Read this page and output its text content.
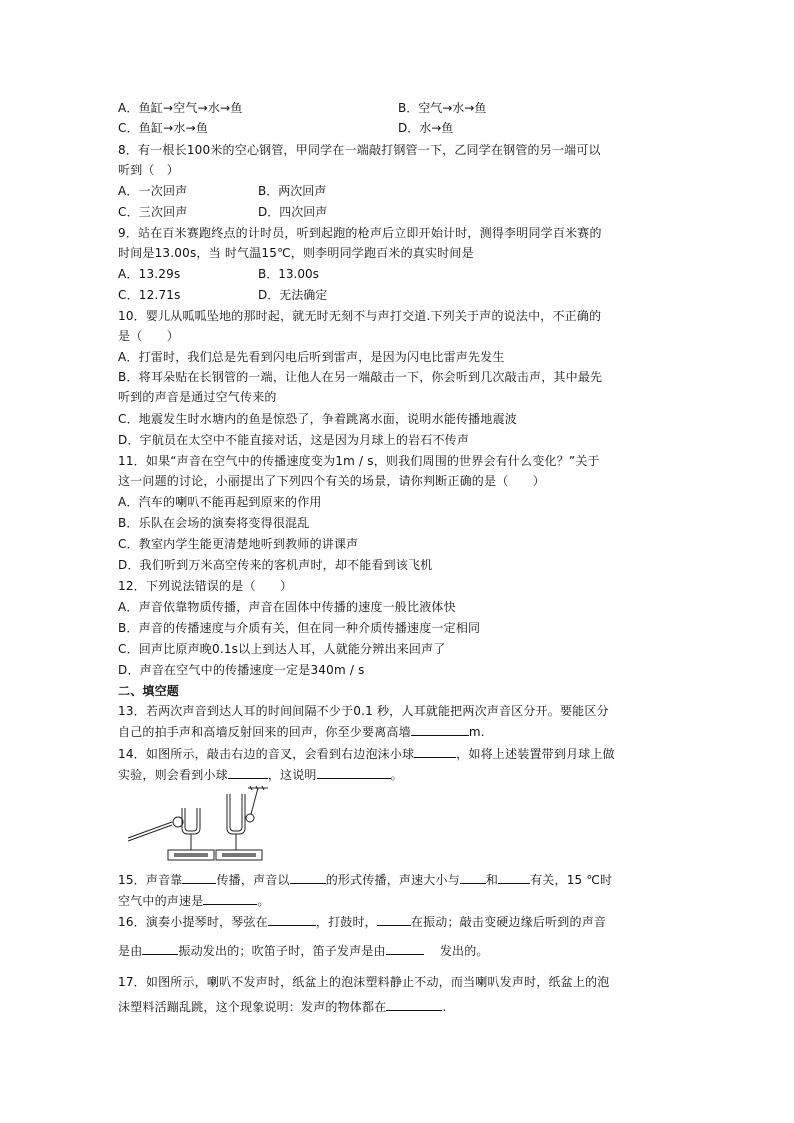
A．鱼缸→空气→水→鱼	B．空气→水→鱼
C．鱼缸→水→鱼	D．水→鱼
8．有一根长100米的空心钢管，甲同学在一端敲打钢管一下，乙同学在钢管的另一端可以
听到（　）
A．一次回声	B．两次回声
C．三次回声	D．四次回声
9．站在百米赛跑终点的计时员，听到起跑的枪声后立即开始计时，测得李明同学百米赛的
时间是13.00s，当 时气温15℃，则李明同学跑百米的真实时间是
A．13.29s	B．13.00s
C．12.71s	D．无法确定
10．婴儿从呱呱坠地的那时起，就无时无刻不与声打交道.下列关于声的说法中，不正确的
是（　　）
A．打雷时，我们总是先看到闪电后听到雷声，是因为闪电比雷声先发生
B．将耳朵贴在长钢管的一端，让他人在另一端敲击一下，你会听到几次敲击声，其中最先
听到的声音是通过空气传来的
C．地震发生时水塘内的鱼是惊恐了，争着跳离水面，说明水能传播地震波
D．宇航员在太空中不能直接对话，这是因为月球上的岩石不传声
11．如果“声音在空气中的传播速度变为1m / s，则我们周围的世界会有什么变化？”关于
这一问题的讨论，小丽提出了下列四个有关的场景，请你判断正确的是（　　）
A．汽车的喇叭不能再起到原来的作用
B．乐队在会场的演奏将变得很混乱
C．教室内学生能更清楚地听到教师的讲课声
D．我们听到万米高空传来的客机声时，却不能看到该飞机
12．下列说法错误的是（　　）
A．声音依靠物质传播，声音在固体中传播的速度一般比液体快
B．声音的传播速度与介质有关，但在同一种介质传播速度一定相同
C．回声比原声晚0.1s以上到达人耳，人就能分辨出来回声了
D．声音在空气中的传播速度一定是340m / s
二、填空题
13．若两次声音到达人耳的时间间隔不少于0.1 秒，人耳就能把两次声音区分开。要能区分
自己的拍手声和高墙反射回来的回声，你至少要离高墙	m.
14．如图所示，敲击右边的音叉，会看到右边泡沫小球	，如将上述装置带到月球上做
实验，则会看到小球	，这说明	。
15．声音靠	传播，声音以	的形式传播，声速大小与 和	有关，15 ℃时
空气中的声速是	。
16．演奏小提琴时，琴弦在	，打鼓时，	在振动；敲击变硬边缘后听到的声音
是由	振动发出的；吹笛子时，笛子发声是由	发出的。
17．如图所示，喇叭不发声时，纸盆上的泡沫塑料静止不动，而当喇叭发声时，纸盆上的泡
沫塑料活蹦乱跳，这个现象说明：发声的物体都在	.
